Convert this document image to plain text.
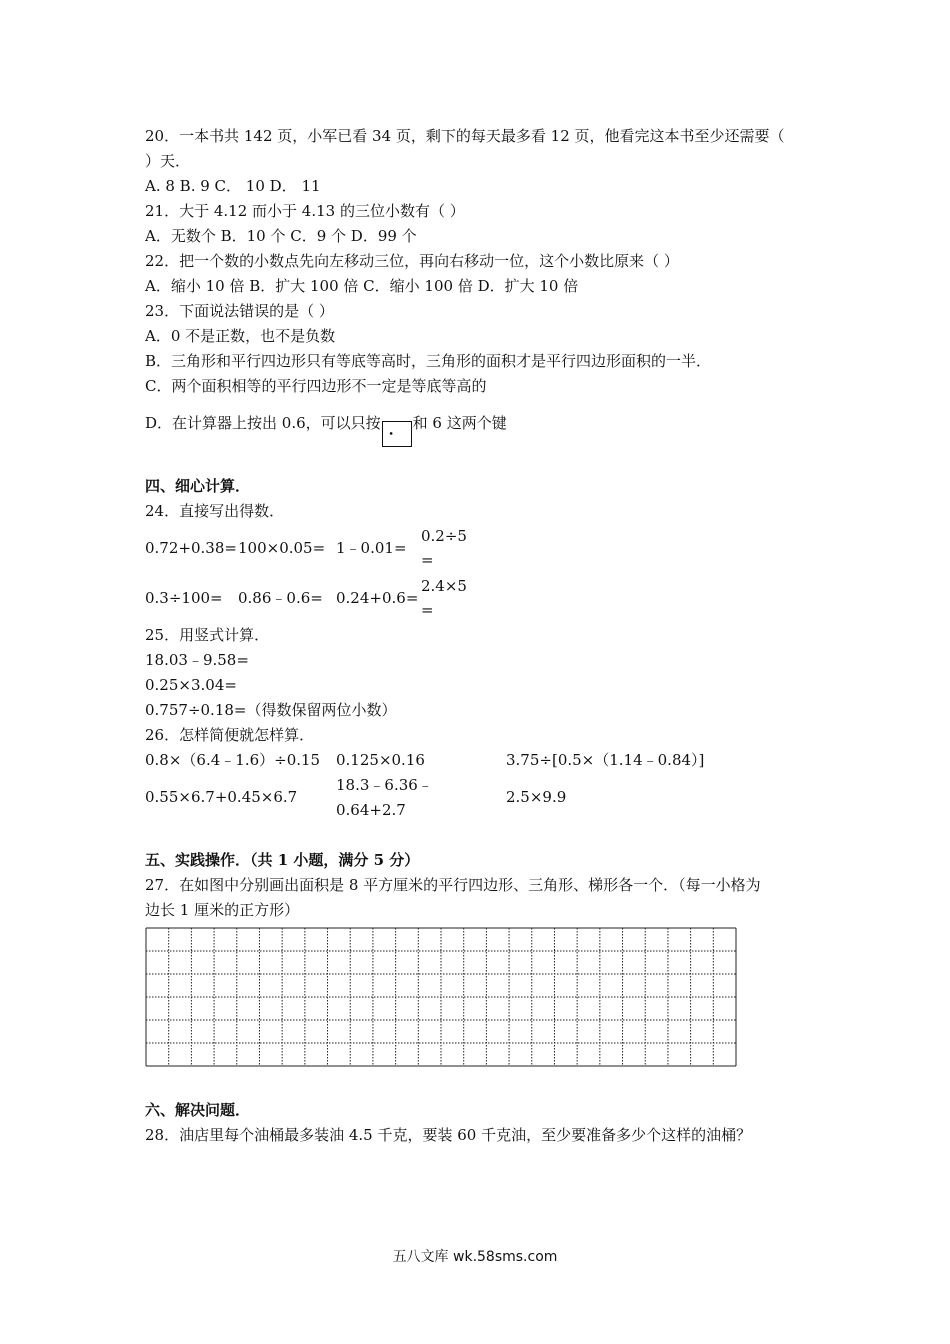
20．一本书共 142 页，小军已看 34 页，剩下的每天最多看 12 页，他看完这本书至少还需要（
）天．
A. 8 B. 9 C． 10 D． 11
21．大于 4.12 而小于 4.13 的三位小数有（ ）
A．无数个 B．10 个 C．9 个 D．99 个
22．把一个数的小数点先向左移动三位，再向右移动一位，这个小数比原来（ ）
A．缩小 10 倍 B．扩大 100 倍 C．缩小 100 倍 D．扩大 10 倍
23．下面说法错误的是（ ）
A．0 不是正数，也不是负数
B．三角形和平行四边形只有等底等高时，三角形的面积才是平行四边形面积的一半．
C．两个面积相等的平行四边形不一定是等底等高的
D．在计算器上按出 0.6，可以只按 ． 和 6 这两个键
四、细心计算．
24．直接写出得数．
0.72+0.38= 100×0.05= 1﹣0.01=
0.2÷5
=
0.3÷100= 0.86﹣0.6= 0.24+0.6=
2.4×5
=
25．用竖式计算．
18.03﹣9.58=
0.25×3.04=
0.757÷0.18=（得数保留两位小数）
26．怎样简便就怎样算．
0.8×（6.4﹣1.6）÷0.15 0.125×0.16	3.75÷[0.5×（1.14﹣0.84）]
0.55×6.7+0.45×6.7
18.3﹣6.36﹣
0.64+2.7
2.5×9.9
五、实践操作．（共 1 小题，满分 5 分）
27．在如图中分别画出面积是 8 平方厘米的平行四边形、三角形、梯形各一个．（每一小格为
边长 1 厘米的正方形）
六、解决问题．
28．油店里每个油桶最多装油 4.5 千克，要装 60 千克油，至少要准备多少个这样的油桶？
五八文库 wk.58sms.com
